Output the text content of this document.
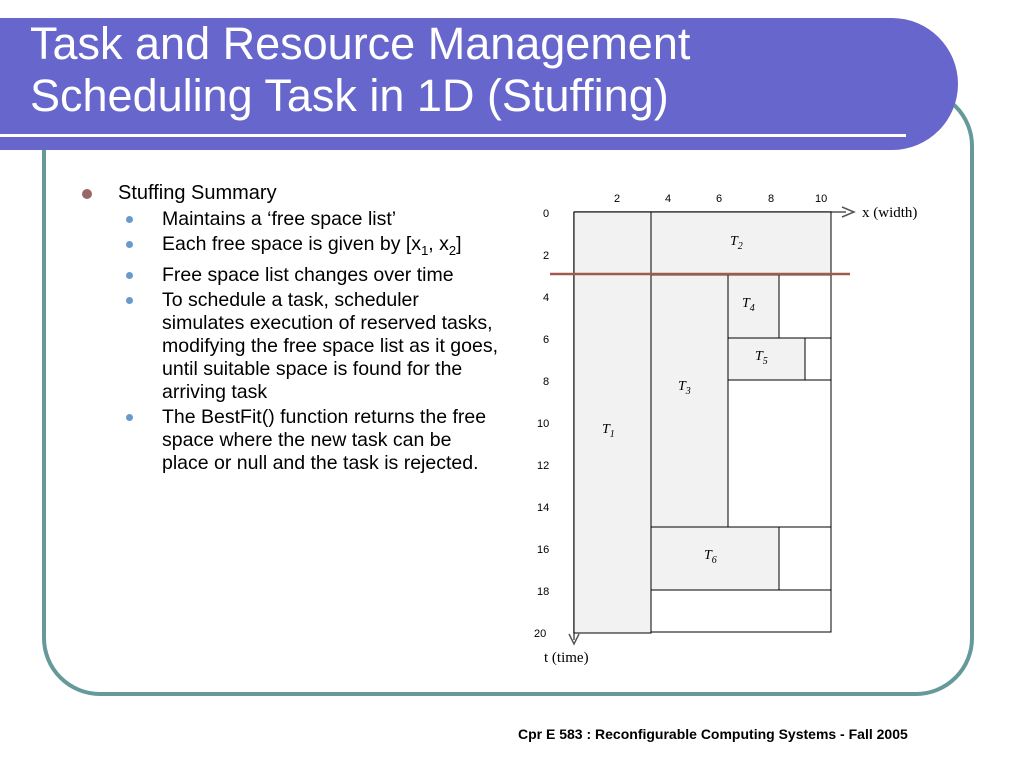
Task and Resource Management
Scheduling Task in 1D (Stuffing)
Stuffing Summary
Maintains a ‘free space list’
Each free space is given by [$x_1$, $x_2$]
Free space list changes over time
To schedule a task, scheduler simulates execution of reserved tasks, modifying the free space list as it goes, until suitable space is found for the arriving task
The BestFit() function returns the free space where the new task can be place or null and the task is rejected.
2	4	6	8	10
x (width)
0
2
4
6
8
10
12
14
16
18
20
t (time)
$T_1$
$T_2$
$T_3$
$T_4$
$T_5$
$T_6$
Cpr E 583 : Reconfigurable Computing Systems - Fall 2005
